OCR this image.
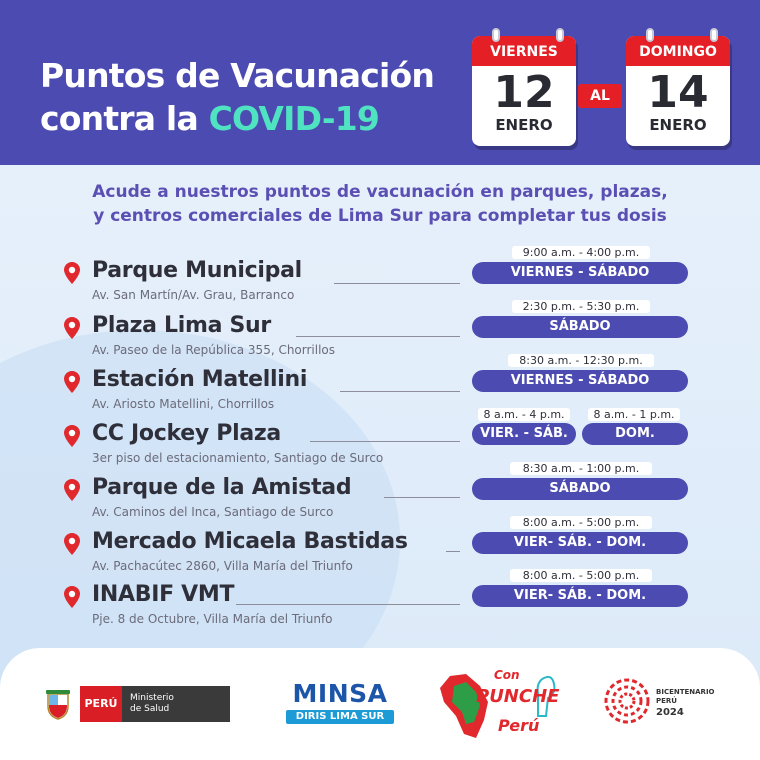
Puntos de Vacunación
contra la COVID-19
VIERNES
12
ENERO
AL
DOMINGO
14
ENERO
Acude a nuestros puntos de vacunación en parques, plazas,
y centros comerciales de Lima Sur para completar tus dosis
Parque Municipal
Av. San Martín/Av. Grau, Barranco
9:00 a.m. - 4:00 p.m.
VIERNES - SÁBADO
Plaza Lima Sur
Av. Paseo de la República 355, Chorrillos
2:30 p.m. - 5:30 p.m.
SÁBADO
Estación Matellini
Av. Ariosto Matellini, Chorrillos
8:30 a.m. - 12:30 p.m.
VIERNES - SÁBADO
CC Jockey Plaza
3er piso del estacionamiento, Santiago de Surco
8 a.m. - 4 p.m.
VIER. - SÁB.
8 a.m. - 1 p.m.
DOM.
Parque de la Amistad
Av. Caminos del Inca, Santiago de Surco
8:30 a.m. - 1:00 p.m.
SÁBADO
Mercado Micaela Bastidas
Av. Pachacútec 2860, Villa María del Triunfo
8:00 a.m. - 5:00 p.m.
VIER- SÁB. - DOM.
INABIF VMT
Pje. 8 de Octubre, Villa María del Triunfo
8:00 a.m. - 5:00 p.m.
VIER- SÁB. - DOM.
PERÚ	Ministerio
de Salud
MINSA
DIRIS LIMA SUR
Con
PUNCHE
Perú
BICENTENARIO
PERÚ
2024
